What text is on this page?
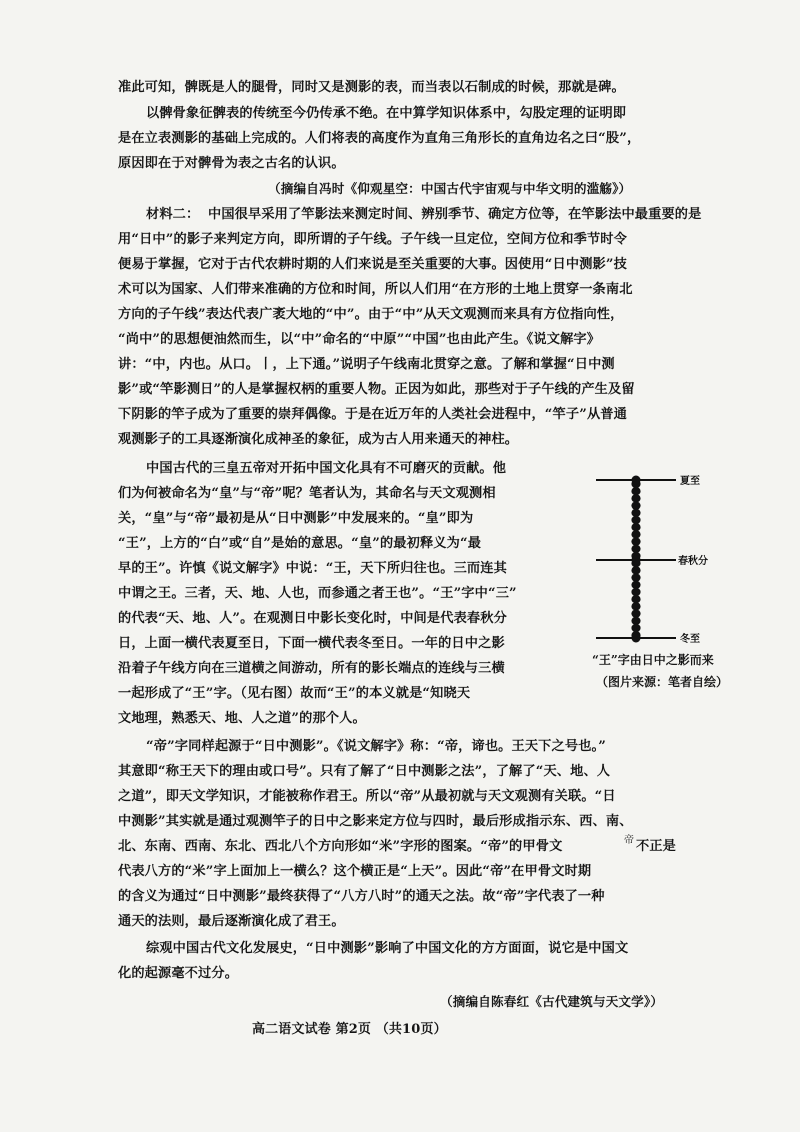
准此可知，髀既是人的腿骨，同时又是测影的表，而当表以石制成的时候，那就是碑。
以髀骨象征髀表的传统至今仍传承不绝。在中算学知识体系中，勾股定理的证明即
是在立表测影的基础上完成的。人们将表的高度作为直角三角形长的直角边名之曰“股”，
原因即在于对髀骨为表之古名的认识。
（摘编自冯时《仰观星空：中国古代宇宙观与中华文明的滥觞》）
材料二： 中国很早采用了竿影法来测定时间、辨别季节、确定方位等，在竿影法中最重要的是
用“日中”的影子来判定方向，即所谓的子午线。子午线一旦定位，空间方位和季节时令
便易于掌握，它对于古代农耕时期的人们来说是至关重要的大事。因使用“日中测影”技
术可以为国家、人们带来准确的方位和时间，所以人们用“在方形的土地上贯穿一条南北
方向的子午线”表达代表广袤大地的“中”。由于“中”从天文观测而来具有方位指向性，
“尚中”的思想便油然而生，以“中”命名的“中原”“中国”也由此产生。《说文解字》
讲：“中，内也。从口。丨，上下通。”说明子午线南北贯穿之意。了解和掌握“日中测
影”或“竿影测日”的人是掌握权柄的重要人物。正因为如此，那些对于子午线的产生及留
下阴影的竿子成为了重要的崇拜偶像。于是在近万年的人类社会进程中，“竿子”从普通
观测影子的工具逐渐演化成神圣的象征，成为古人用来通天的神柱。
中国古代的三皇五帝对开拓中国文化具有不可磨灭的贡献。他
们为何被命名为“皇”与“帝”呢？笔者认为，其命名与天文观测相
关，“皇”与“帝”最初是从“日中测影”中发展来的。“皇”即为
“王”，上方的“白”或“自”是始的意思。“皇”的最初释义为“最
早的王”。许慎《说文解字》中说：“王，天下所归往也。三而连其
中谓之王。三者，天、地、人也，而参通之者王也”。“王”字中“三”
的代表“天、地、人”。在观测日中影长变化时，中间是代表春秋分
日，上面一横代表夏至日，下面一横代表冬至日。一年的日中之影
沿着子午线方向在三道横之间游动，所有的影长端点的连线与三横
一起形成了“王”字。（见右图）故而“王”的本义就是“知晓天
文地理，熟悉天、地、人之道”的那个人。
夏至
春秋分
冬至
“王”字由日中之影而来
（图片来源：笔者自绘）
“帝”字同样起源于“日中测影”。《说文解字》称：“帝，谛也。王天下之号也。”
其意即“称王天下的理由或口号”。只有了解了“日中测影之法”，了解了“天、地、人
之道”，即天文学知识，才能被称作君王。所以“帝”从最初就与天文观测有关联。“日
中测影”其实就是通过观测竿子的日中之影来定方位与四时，最后形成指示东、西、南、
北、东南、西南、东北、西北八个方向形如“米”字形的图案。“帝”的甲骨文	帝 不正是
代表八方的“米”字上面加上一横么？这个横正是“上天”。因此“帝”在甲骨文时期
的含义为通过“日中测影”最终获得了“八方八时”的通天之法。故“帝”字代表了一种
通天的法则，最后逐渐演化成了君王。
综观中国古代文化发展史，“日中测影”影响了中国文化的方方面面，说它是中国文
化的起源毫不过分。
（摘编自陈春红《古代建筑与天文学》）
高二语文试卷 第2页 （共10页）
